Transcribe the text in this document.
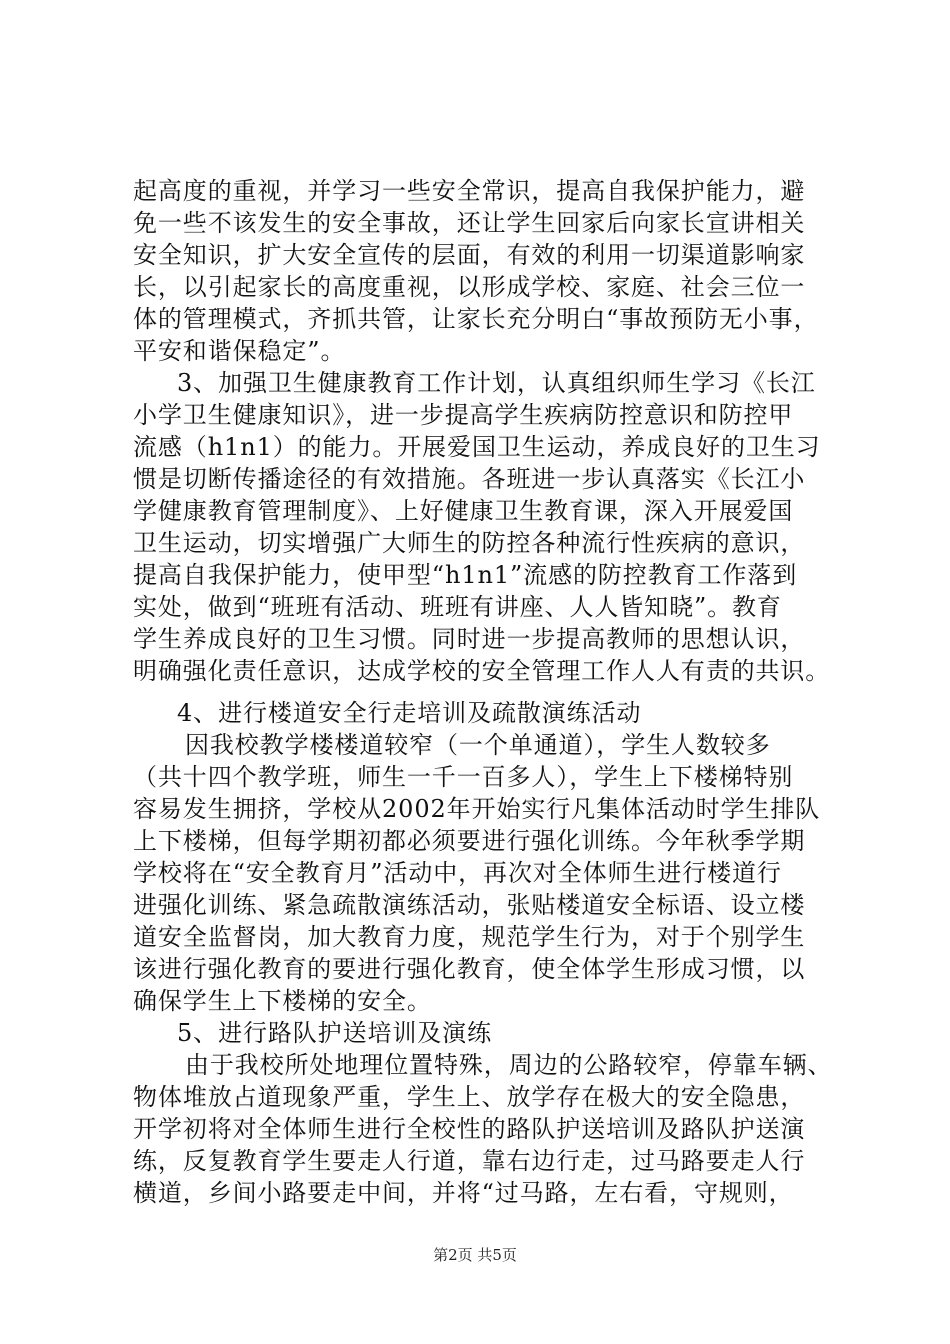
起高度的重视，并学习一些安全常识，提高自我保护能力，避
免一些不该发生的安全事故，还让学生回家后向家长宣讲相关
安全知识，扩大安全宣传的层面，有效的利用一切渠道影响家
长，以引起家长的高度重视，以形成学校、家庭、社会三位一
体的管理模式，齐抓共管，让家长充分明白“事故预防无小事，
平安和谐保稳定”。
3、加强卫生健康教育工作计划，认真组织师生学习《长江
小学卫生健康知识》，进一步提高学生疾病防控意识和防控甲
流感（h1n1）的能力。开展爱国卫生运动，养成良好的卫生习
惯是切断传播途径的有效措施。各班进一步认真落实《长江小
学健康教育管理制度》、上好健康卫生教育课，深入开展爱国
卫生运动，切实增强广大师生的防控各种流行性疾病的意识，
提高自我保护能力，使甲型“h1n1”流感的防控教育工作落到
实处，做到“班班有活动、班班有讲座、人人皆知晓”。教育
学生养成良好的卫生习惯。同时进一步提高教师的思想认识，
明确强化责任意识，达成学校的安全管理工作人人有责的共识。
4、进行楼道安全行走培训及疏散演练活动
因我校教学楼楼道较窄（一个单通道），学生人数较多
（共十四个教学班，师生一千一百多人），学生上下楼梯特别
容易发生拥挤，学校从2002年开始实行凡集体活动时学生排队
上下楼梯，但每学期初都必须要进行强化训练。今年秋季学期
学校将在“安全教育月”活动中，再次对全体师生进行楼道行
进强化训练、紧急疏散演练活动，张贴楼道安全标语、设立楼
道安全监督岗，加大教育力度，规范学生行为，对于个别学生
该进行强化教育的要进行强化教育，使全体学生形成习惯，以
确保学生上下楼梯的安全。
5、进行路队护送培训及演练
由于我校所处地理位置特殊，周边的公路较窄，停靠车辆、
物体堆放占道现象严重，学生上、放学存在极大的安全隐患，
开学初将对全体师生进行全校性的路队护送培训及路队护送演
练，反复教育学生要走人行道，靠右边行走，过马路要走人行
横道，乡间小路要走中间，并将“过马路，左右看，守规则，
第2页 共5页
